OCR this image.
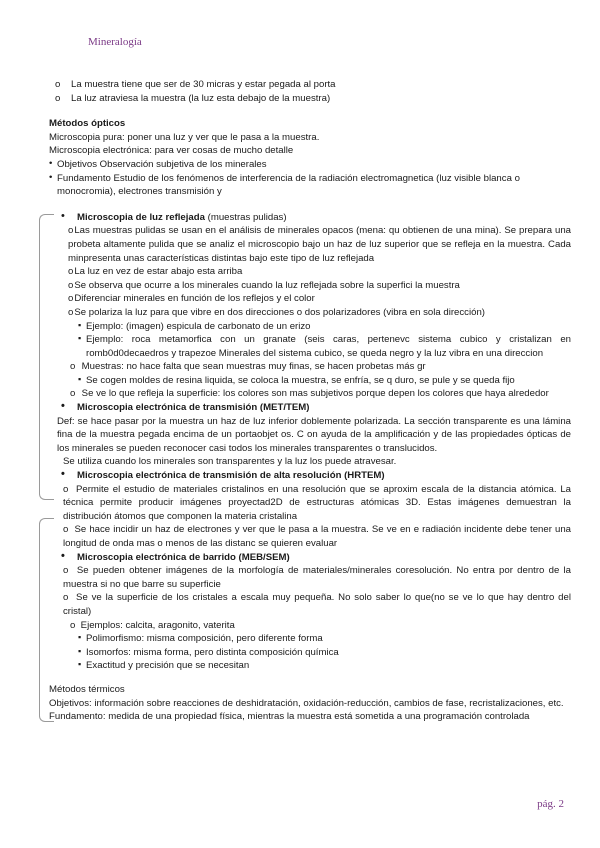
Mineralogía

o La muestra tiene que ser de 30 micras y estar pegada al porta

o La luz atraviesa la muestra (la luz esta debajo de la muestra)

Métodos ópticos

Microscopia pura: poner una luz y ver que le pasa a la muestra.

Microscopia electrónica: para ver cosas de mucho detalle

• Objetivos Observación subjetiva de los minerales

• Fundamento Estudio de los fenómenos de interferencia de la radiación electromagnetica (luz visible blanca o monocromia), electrones transmisión y

• Microscopia de luz reflejada (muestras pulidas)

oLas muestras pulidas se usan en el análisis de minerales opacos (mena: qu obtienen de una mina). Se prepara una probeta altamente pulida que se analiz el microscopio bajo un haz de luz superior que se refleja en la muestra. Cada minpresenta unas características distintas bajo este tipo de luz reflejada

oLa luz en vez de estar abajo esta arriba

oSe observa que ocurre a los minerales cuando la luz reflejada sobre la superfici la muestra

oDiferenciar minerales en función de los reflejos y el color

oSe polariza la luz para que vibre en dos direcciones o dos polarizadores (vibra en sola dirección)

▪ Ejemplo: (imagen) espicula de carbonato de un erizo

▪ Ejemplo: roca metamorfica con un granate (seis caras, pertenevc sistema cubico y cristalizan en romb0d0decaedros y trapezoe Minerales del sistema cubico, se queda negro y la luz vibra en una direccion

o  Muestras: no hace falta que sean muestras muy finas, se hacen probetas más gr

▪ Se cogen moldes de resina liquida, se coloca la muestra, se enfría, se q duro, se pule y se queda fijo

o  Se ve lo que refleja la superficie: los colores son mas subjetivos porque depen los colores que haya alrededor

• Microscopia electrónica de transmisión (MET/TEM)

Def: se hace pasar por la muestra un haz de luz inferior doblemente polarizada. La sección transparente es una lámina fina de la muestra pegada encima de un portaobjet os. C on ayuda de la amplificación y de las propiedades ópticas de los minerales se pueden reconocer casi todos los minerales transparentes o translucidos.

Se utiliza cuando los minerales son transparentes y la luz los puede atravesar.

• Microscopia electrónica de transmisión de alta resolución (HRTEM)

o  Permite el estudio de materiales cristalinos en una resolución que se aproxim escala de la distancia atómica. La técnica permite producir imágenes proyectad2D de estructuras atómicas 3D. Estas imágenes demuestran la distribución átomos que componen la materia cristalina

o  Se hace incidir un haz de electrones y ver que le pasa a la muestra. Se ve en e radiación incidente debe tener una longitud de onda mas o menos de las distanc se quieren evaluar

• Microscopia electrónica de barrido (MEB/SEM)

o  Se pueden obtener imágenes de la morfología de materiales/minerales coresolución. No entra por dentro de la muestra si no que barre su superficie

o  Se ve la superficie de los cristales a escala muy pequeña. No solo saber lo que(no se ve lo que hay dentro del cristal)

o  Ejemplos: calcita, aragonito, vaterita

▪ Polimorfismo: misma composición, pero diferente forma

▪ Isomorfos: misma forma, pero distinta composición química

▪ Exactitud y precisión que se necesitan

Métodos térmicos

Objetivos: información sobre reacciones de deshidratación, oxidación-reducción, cambios de fase, recristalizaciones, etc.

Fundamento: medida de una propiedad física, mientras la muestra está sometida a una programación controlada

pág. 2
